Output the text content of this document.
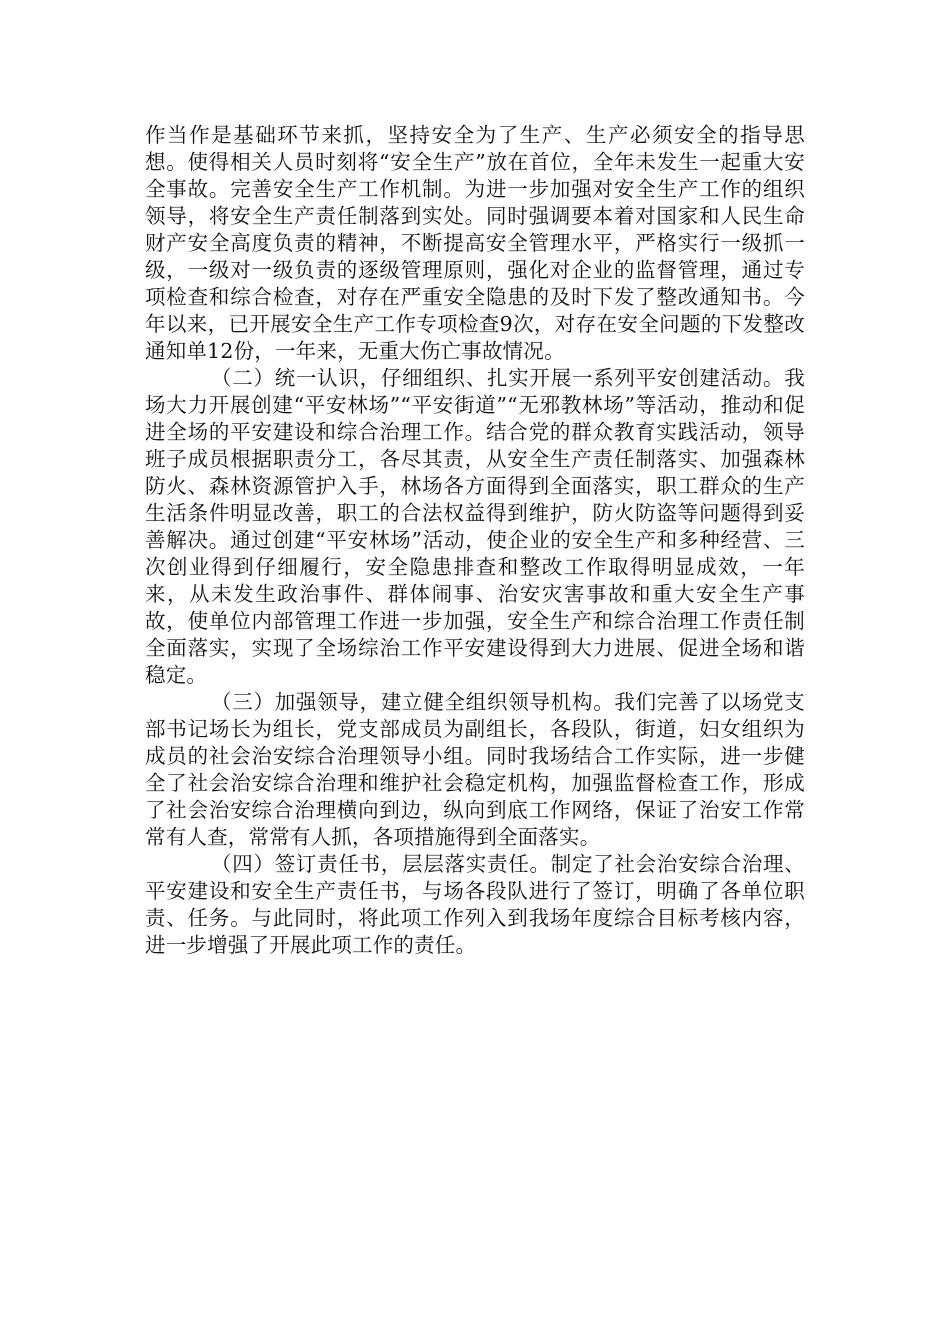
作当作是基础环节来抓，坚持安全为了生产、生产必须安全的指导思想。使得相关人员时刻将“安全生产”放在首位，全年未发生一起重大安全事故。完善安全生产工作机制。为进一步加强对安全生产工作的组织领导，将安全生产责任制落到实处。同时强调要本着对国家和人民生命财产安全高度负责的精神，不断提高安全管理水平，严格实行一级抓一级，一级对一级负责的逐级管理原则，强化对企业的监督管理，通过专项检查和综合检查，对存在严重安全隐患的及时下发了整改通知书。今年以来，已开展安全生产工作专项检查9次，对存在安全问题的下发整改通知单12份，一年来，无重大伤亡事故情况。

（二）统一认识，仔细组织、扎实开展一系列平安创建活动。我场大力开展创建“平安林场”“平安街道”“无邪教林场”等活动，推动和促进全场的平安建设和综合治理工作。结合党的群众教育实践活动，领导班子成员根据职责分工，各尽其责，从安全生产责任制落实、加强森林防火、森林资源管护入手，林场各方面得到全面落实，职工群众的生产生活条件明显改善，职工的合法权益得到维护，防火防盗等问题得到妥善解决。通过创建“平安林场”活动，使企业的安全生产和多种经营、三次创业得到仔细履行，安全隐患排查和整改工作取得明显成效，一年来，从未发生政治事件、群体闹事、治安灾害事故和重大安全生产事故，使单位内部管理工作进一步加强，安全生产和综合治理工作责任制全面落实，实现了全场综治工作平安建设得到大力进展、促进全场和谐稳定。

（三）加强领导，建立健全组织领导机构。我们完善了以场党支部书记场长为组长，党支部成员为副组长，各段队，街道，妇女组织为成员的社会治安综合治理领导小组。同时我场结合工作实际，进一步健全了社会治安综合治理和维护社会稳定机构，加强监督检查工作，形成了社会治安综合治理横向到边，纵向到底工作网络，保证了治安工作常常有人查，常常有人抓，各项措施得到全面落实。

（四）签订责任书，层层落实责任。制定了社会治安综合治理、平安建设和安全生产责任书，与场各段队进行了签订，明确了各单位职责、任务。与此同时，将此项工作列入到我场年度综合目标考核内容，进一步增强了开展此项工作的责任。
